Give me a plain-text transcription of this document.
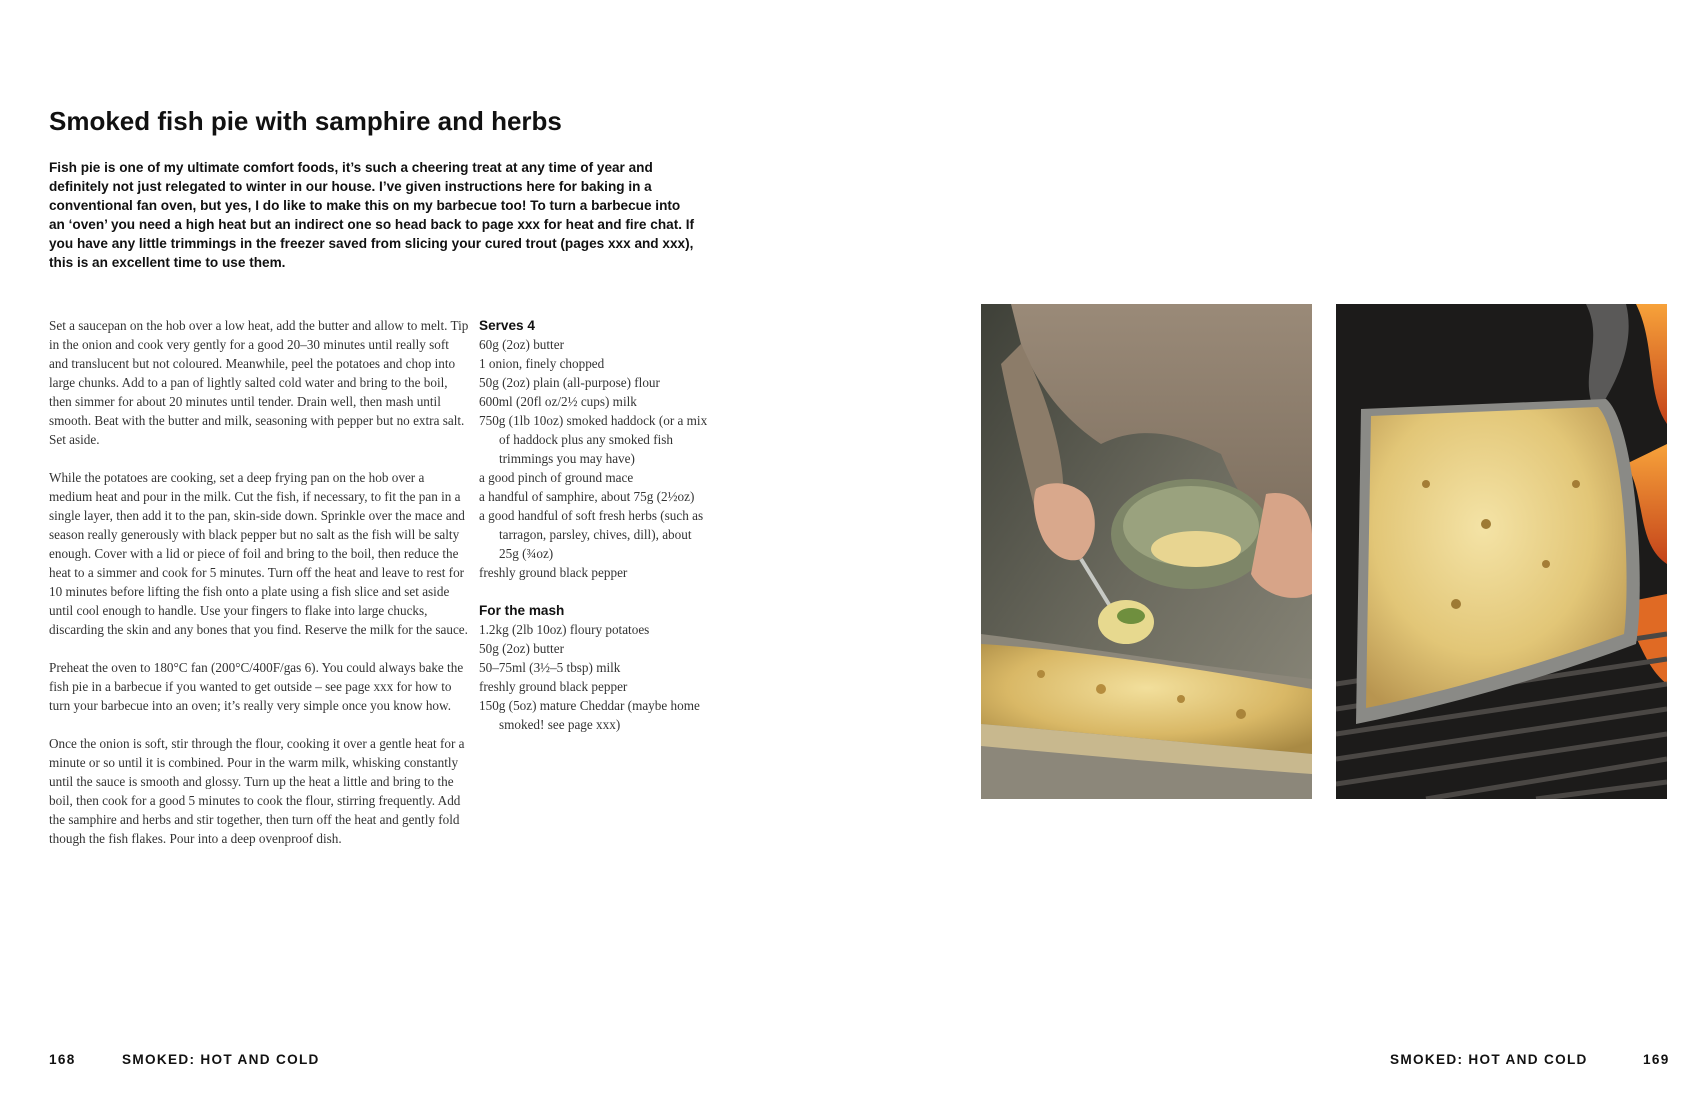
Smoked fish pie with samphire and herbs

Fish pie is one of my ultimate comfort foods, it’s such a cheering treat at any time of year and definitely not just relegated to winter in our house. I’ve given instructions here for baking in a conventional fan oven, but yes, I do like to make this on my barbecue too! To turn a barbecue into an ‘oven’ you need a high heat but an indirect one so head back to page xxx for heat and fire chat. If you have any little trimmings in the freezer saved from slicing your cured trout (pages xxx and xxx), this is an excellent time to use them.

Set a saucepan on the hob over a low heat, add the butter and allow to melt. Tip in the onion and cook very gently for a good 20–30 minutes until really soft and translucent but not coloured. Meanwhile, peel the potatoes and chop into large chunks. Add to a pan of lightly salted cold water and bring to the boil, then simmer for about 20 minutes until tender. Drain well, then mash until smooth. Beat with the butter and milk, seasoning with pepper but no extra salt. Set aside.

While the potatoes are cooking, set a deep frying pan on the hob over a medium heat and pour in the milk. Cut the fish, if necessary, to fit the pan in a single layer, then add it to the pan, skin-side down. Sprinkle over the mace and season really generously with black pepper but no salt as the fish will be salty enough. Cover with a lid or piece of foil and bring to the boil, then reduce the heat to a simmer and cook for 5 minutes. Turn off the heat and leave to rest for 10 minutes before lifting the fish onto a plate using a fish slice and set aside until cool enough to handle. Use your fingers to flake into large chucks, discarding the skin and any bones that you find. Reserve the milk for the sauce.

Preheat the oven to 180°C fan (200°C/400F/gas 6). You could always bake the fish pie in a barbecue if you wanted to get outside – see page xxx for how to turn your barbecue into an oven; it’s really very simple once you know how.

Once the onion is soft, stir through the flour, cooking it over a gentle heat for a minute or so until it is combined. Pour in the warm milk, whisking constantly until the sauce is smooth and glossy. Turn up the heat a little and bring to the boil, then cook for a good 5 minutes to cook the flour, stirring frequently. Add the samphire and herbs and stir together, then turn off the heat and gently fold though the fish flakes. Pour into a deep ovenproof dish.

Serves 4
60g (2oz) butter
1 onion, finely chopped
50g (2oz) plain (all-purpose) flour
600ml (20fl oz/2½ cups) milk
750g (1lb 10oz) smoked haddock (or a mix of haddock plus any smoked fish trimmings you may have)
a good pinch of ground mace
a handful of samphire, about 75g (2½oz)
a good handful of soft fresh herbs (such as tarragon, parsley, chives, dill), about 25g (¾oz)
freshly ground black pepper
For the mash
1.2kg (2lb 10oz) floury potatoes
50g (2oz) butter
50–75ml (3½–5 tbsp) milk
freshly ground black pepper
150g (5oz) mature Cheddar (maybe home smoked! see page xxx)
168	SMOKED: HOT AND COLD	SMOKED: HOT AND COLD	169
